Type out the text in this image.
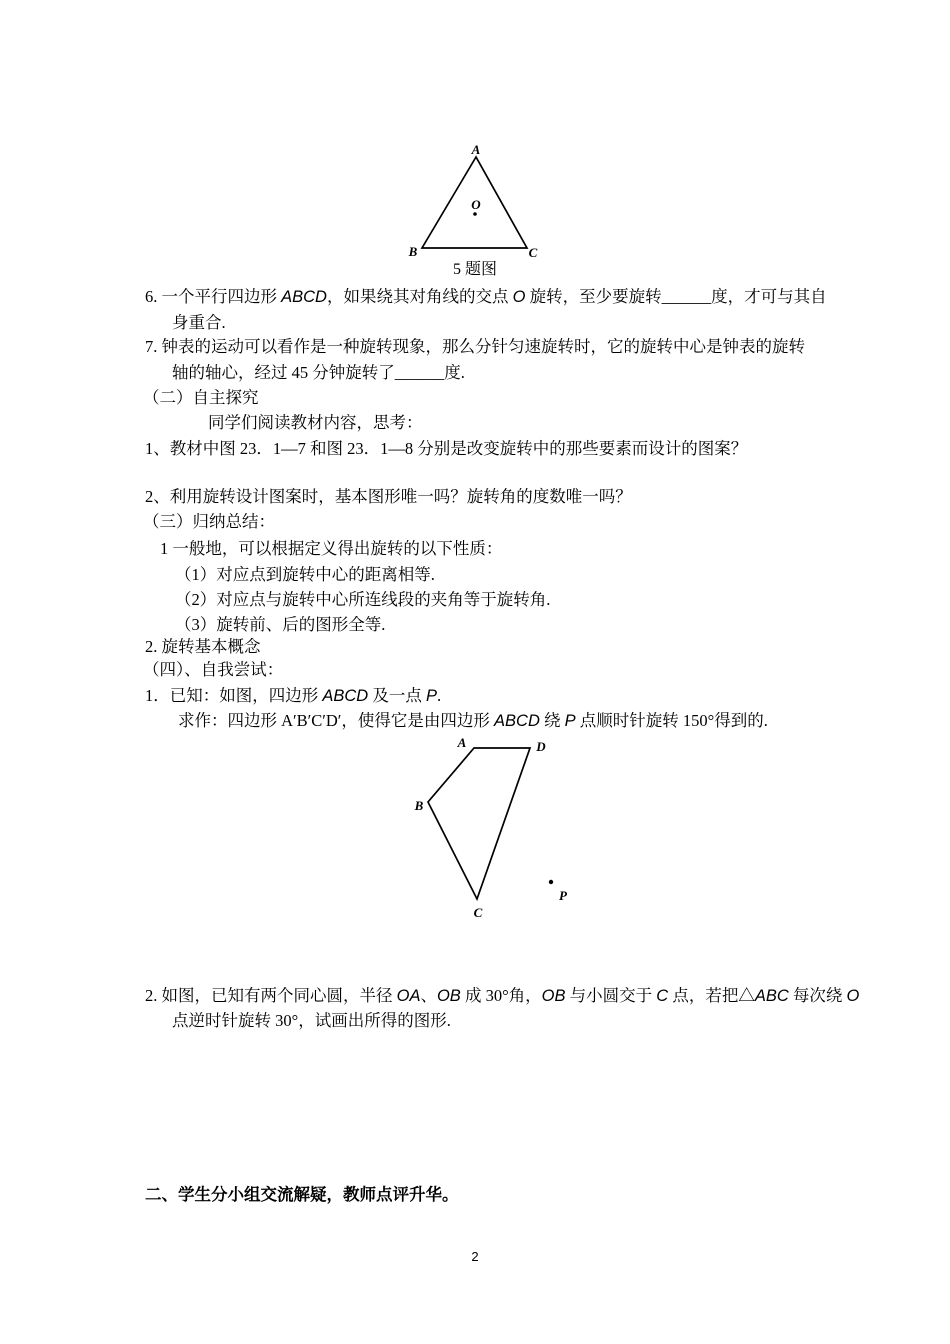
A
O
B	C
5 题图
6. 一个平行四边形 ABCD，如果绕其对角线的交点 O 旋转，至少要旋转______度，才可与其自
身重合.
7. 钟表的运动可以看作是一种旋转现象，那么分针匀速旋转时，它的旋转中心是钟表的旋转
轴的轴心，经过 45 分钟旋转了______度.
（二）自主探究
同学们阅读教材内容，思考：
1、教材中图 23．1—7 和图 23．1—8 分别是改变旋转中的那些要素而设计的图案？
2、利用旋转设计图案时，基本图形唯一吗？旋转角的度数唯一吗？
（三）归纳总结：
1 一般地，可以根据定义得出旋转的以下性质：
（1）对应点到旋转中心的距离相等.
（2）对应点与旋转中心所连线段的夹角等于旋转角.
（3）旋转前、后的图形全等.
2. 旋转基本概念
（四）、自我尝试：
1．已知：如图，四边形 ABCD 及一点 P.
求作：四边形 A′B′C′D′，使得它是由四边形 ABCD 绕 P 点顺时针旋转 150°得到的.
A	D
B
C
P
2. 如图，已知有两个同心圆，半径 OA、OB 成 30°角，OB 与小圆交于 C 点，若把△ABC 每次绕 O
点逆时针旋转 30°，试画出所得的图形.
二、学生分小组交流解疑，教师点评升华。
2
